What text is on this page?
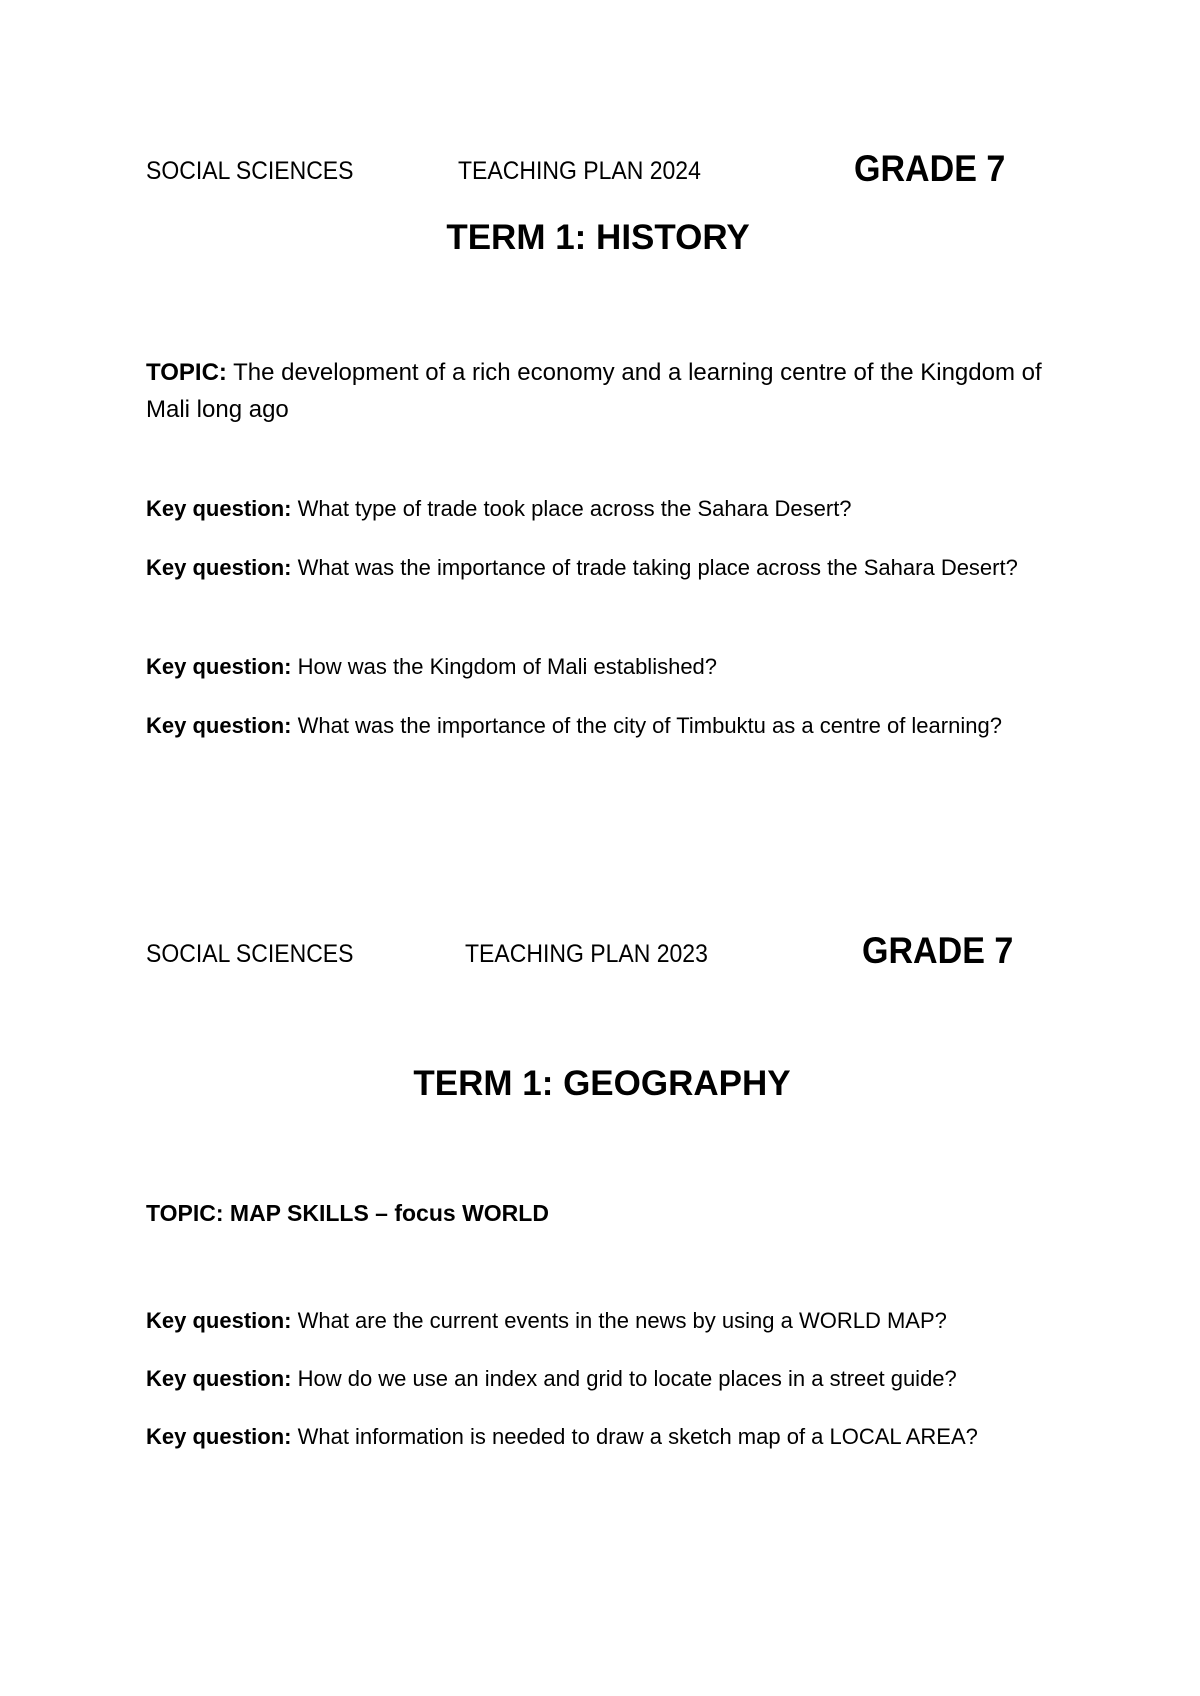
SOCIAL SCIENCES	TEACHING PLAN 2024	GRADE 7
TERM 1: HISTORY
TOPIC: The development of a rich economy and a learning centre of the Kingdom of Mali long ago
Key question: What type of trade took place across the Sahara Desert?
Key question: What was the importance of trade taking place across the Sahara Desert?
Key question: How was the Kingdom of Mali established?
Key question: What was the importance of the city of Timbuktu as a centre of learning?
SOCIAL SCIENCES	TEACHING PLAN 2023	GRADE 7
TERM 1: GEOGRAPHY
TOPIC: MAP SKILLS – focus WORLD
Key question: What are the current events in the news by using a WORLD MAP?
Key question: How do we use an index and grid to locate places in a street guide?
Key question: What information is needed to draw a sketch map of a LOCAL AREA?
